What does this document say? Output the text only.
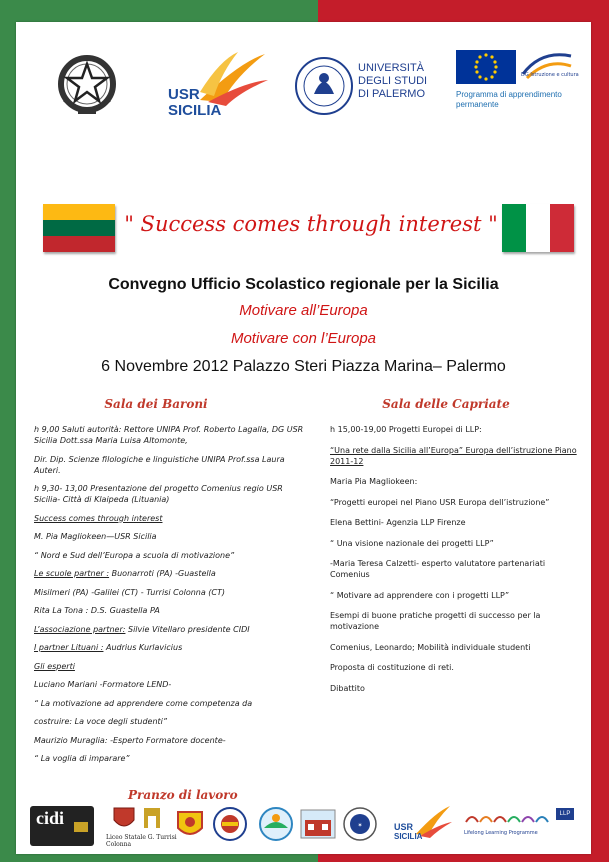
USR
SICILIA
UNIVERSITÀ
DEGLI STUDI
DI PALERMO
DG Istruzione e cultura
Programma di apprendimento
permanente
" Success comes through interest "
Convegno Ufficio Scolastico regionale per la Sicilia
Motivare all’Europa
Motivare con l’Europa
6 Novembre 2012 Palazzo Steri Piazza Marina– Palermo
Sala dei Baroni	Sala delle Capriate

h 9,00 Saluti autorità: Rettore UNIPA Prof. Roberto Lagalla, DG USR Sicilia Dott.ssa Maria Luisa Altomonte,

Dir. Dip. Scienze filologiche e linguistiche UNIPA Prof.ssa Laura Auteri.

h 9,30- 13,00 Presentazione del progetto Comenius regio USR Sicilia- Città di Klaipeda (Lituania)

Success comes through interest

M. Pia Magliokeen—USR Sicilia

“ Nord e Sud dell’Europa a scuola di motivazione”

Le scuole partner : Buonarroti (PA) -Guastella

Misilmeri (PA) -Galilei (CT) - Turrisi Colonna (CT)

Rita La Tona : D.S. Guastella PA

L’associazione partner: Silvie Vitellaro presidente CIDI

I partner Lituani : Audrius Kurlavicius

Gli esperti

Luciano Mariani -Formatore LEND-

“ La motivazione ad apprendere come competenza da

costruire: La voce degli studenti”

Maurizio Muraglia: -Esperto Formatore docente-

“ La voglia di imparare”

h 15,00-19,00 Progetti Europei di LLP:

“Una rete dalla Sicilia all’Europa” Europa dell’istruzione Piano 2011-12

Maria Pia Magliokeen:

“Progetti europei nel Piano USR Europa dell’istruzione”

Elena Bettini- Agenzia LLP Firenze

“ Una visione nazionale dei progetti LLP”

-Maria Teresa Calzetti- esperto valutatore partenariati Comenius

“ Motivare ad apprendere con i progetti LLP”

Esempi di buone pratiche progetti di successo per la motivazione

Comenius, Leonardo; Mobilità individuale studenti

Proposta di costituzione di reti.

Dibattito

Pranzo di lavoro
cidi
Liceo Statale G. Turrisi Colonna
✶	USR
SICILIA
LLP
Lifelong Learning Programme
